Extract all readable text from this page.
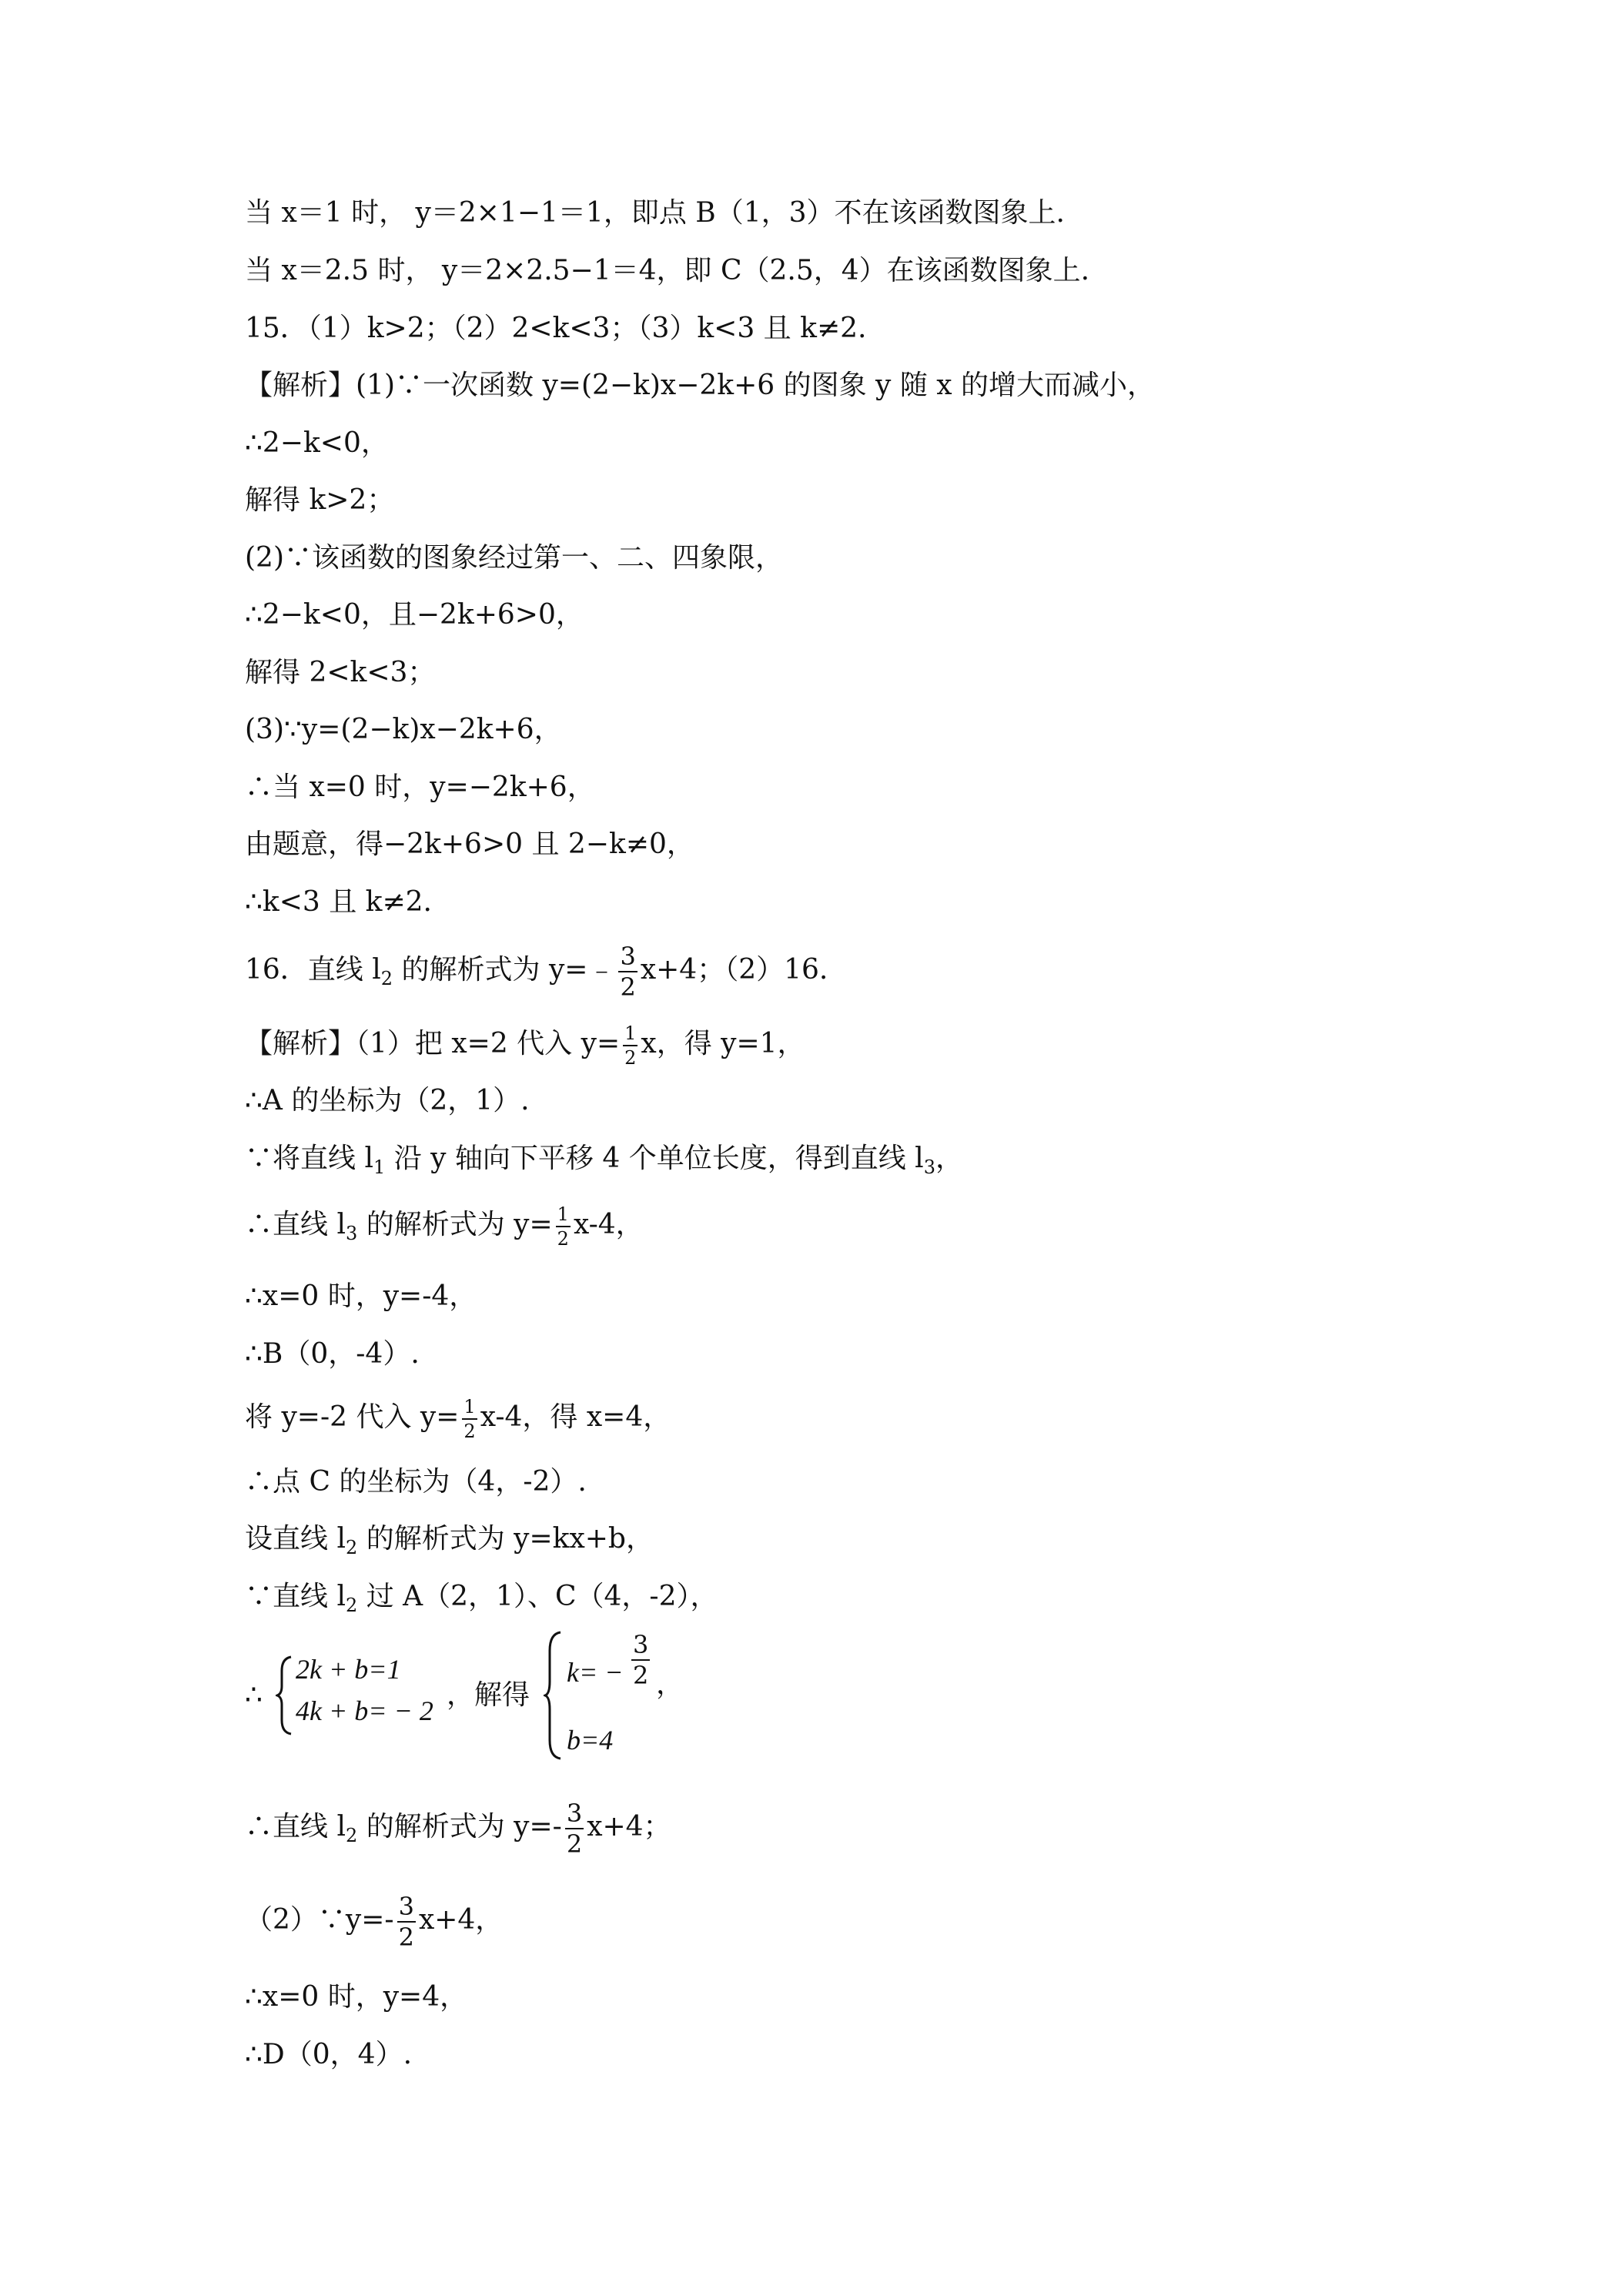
当 x＝1 时， y＝2×1−1＝1，即点 B（1，3）不在该函数图象上.
当 x＝2.5 时， y＝2×2.5−1＝4，即 C（2.5，4）在该函数图象上.
15．（1）k>2；（2）2<k<3；（3）k<3 且 k≠2.
【解析】(1)∵一次函数 y=(2−k)x−2k+6 的图象 y 随 x 的增大而减小，
∴2−k<0，
解得 k>2；
(2)∵该函数的图象经过第一、二、四象限，
∴2−k<0，且−2k+6>0，
解得 2<k<3；
(3)∵y=(2−k)x−2k+6，
∴当 x=0 时，y=−2k+6，
由题意，得−2k+6>0 且 2−k≠0，
∴k<3 且 k≠2.
16．直线 $l_2$ 的解析式为 y=﹣ $\frac{3}{2} x+4$；（2）16.
【解析】（1）把 x=2 代入 $y= \frac{1}{2}$ x，得 y=1，
∴A 的坐标为（2，1）.
∵将直线 $l_1$ 沿 y 轴向下平移 4 个单位长度，得到直线 $l_3$，
∴直线 $l_3$ 的解析式为 $y= \frac{1}{2} x-4$，
∴x=0 时，y=-4，
∴B（0，-4）.
将 y=-2 代入 $y= \frac{1}{2} x-4$，得 x=4，
∴点 C 的坐标为（4，-2）.
设直线 $l_2$ 的解析式为 y=kx+b，
∵直线 $l_2$ 过 A（2，1）、C（4，-2），
∴
2k + b=1
4k + b= − 2 ，解得
k= −
3
2 ，
b=4
∴直线 $l_2$ 的解析式为 $y=- \frac{3}{2} x+4$；
（2）∵y=- $\frac{3}{2} x+4$，
∴x=0 时，y=4，
∴D（0，4）.
